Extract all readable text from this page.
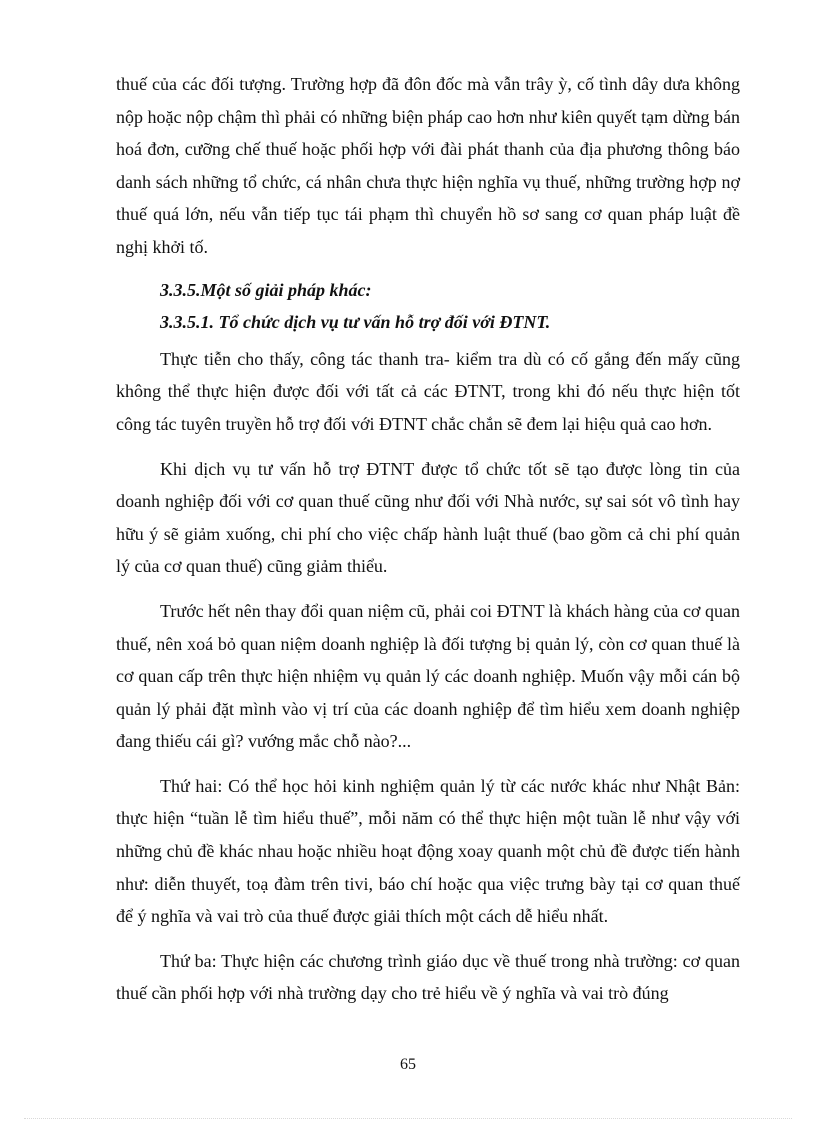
thuế của các đối tượng. Trường hợp đã đôn đốc mà vẫn trây ỳ, cố tình dây dưa không nộp hoặc nộp chậm thì phải có những biện pháp cao hơn như kiên quyết tạm dừng bán hoá đơn, cưỡng chế thuế hoặc phối hợp với đài phát thanh của địa phương thông báo danh sách những tổ chức, cá nhân chưa thực hiện nghĩa vụ thuế, những trường hợp nợ thuế quá lớn, nếu vẫn tiếp tục tái phạm thì chuyển hồ sơ sang cơ quan pháp luật đề nghị khởi tố.

3.3.5.Một số giải pháp khác:

3.3.5.1. Tổ chức dịch vụ tư vấn hỗ trợ đối với ĐTNT.

Thực tiễn cho thấy, công tác thanh tra- kiểm tra dù có cố gắng đến mấy cũng không thể thực hiện được đối với tất cả các ĐTNT, trong khi đó nếu thực hiện tốt công tác tuyên truyền hỗ trợ đối với ĐTNT chắc chắn sẽ đem lại hiệu quả cao hơn.

Khi dịch vụ tư vấn hỗ trợ ĐTNT được tổ chức tốt sẽ tạo được lòng tin của doanh nghiệp đối với cơ quan thuế cũng như đối với Nhà nước, sự sai sót vô tình hay hữu ý sẽ giảm xuống, chi phí cho việc chấp hành luật thuế (bao gồm cả chi phí quản lý của cơ quan thuế) cũng giảm thiểu.

Trước hết nên thay đổi quan niệm cũ, phải coi ĐTNT là khách hàng của cơ quan thuế, nên xoá bỏ quan niệm doanh nghiệp là đối tượng bị quản lý, còn cơ quan thuế là cơ quan cấp trên thực hiện nhiệm vụ quản lý các doanh nghiệp. Muốn vậy mỗi cán bộ quản lý phải đặt mình vào vị trí của các doanh nghiệp để tìm hiểu xem doanh nghiệp đang thiếu cái gì? vướng mắc chỗ nào?...

Thứ hai: Có thể học hỏi kinh nghiệm quản lý từ các nước khác như Nhật Bản: thực hiện “tuần lễ tìm hiểu thuế”, mỗi năm có thể thực hiện một tuần lễ như vậy với những chủ đề khác nhau hoặc nhiều hoạt động xoay quanh một chủ đề được tiến hành như: diễn thuyết, toạ đàm trên tivi, báo chí hoặc qua việc trưng bày tại cơ quan thuế để ý nghĩa và vai trò của thuế được giải thích một cách dễ hiểu nhất.

Thứ ba: Thực hiện các chương trình giáo dục về thuế trong nhà trường: cơ quan thuế cần phối hợp với nhà trường dạy cho trẻ hiểu về ý nghĩa và vai trò đúng

65
